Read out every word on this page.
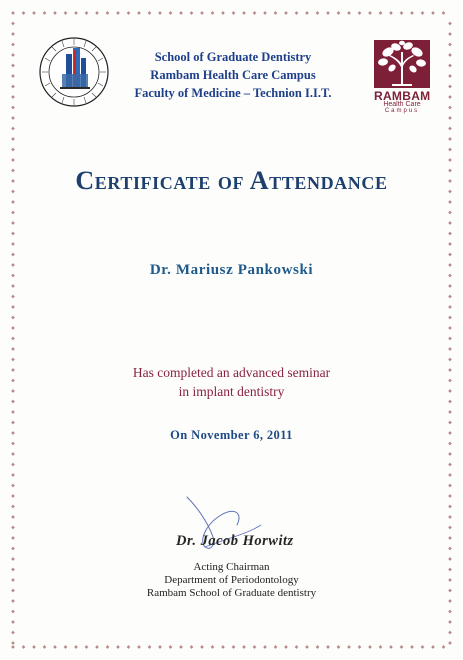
RAMBAM
Health Care
Campus
School of Graduate Dentistry
Rambam Health Care Campus
Faculty of Medicine – Technion I.I.T.
Certificate of Attendance
Dr. Mariusz Pankowski
Has completed an advanced seminar
in implant dentistry
On November 6, 2011
Dr. Jacob Horwitz
Acting Chairman
Department of Periodontology
Rambam School of Graduate dentistry
